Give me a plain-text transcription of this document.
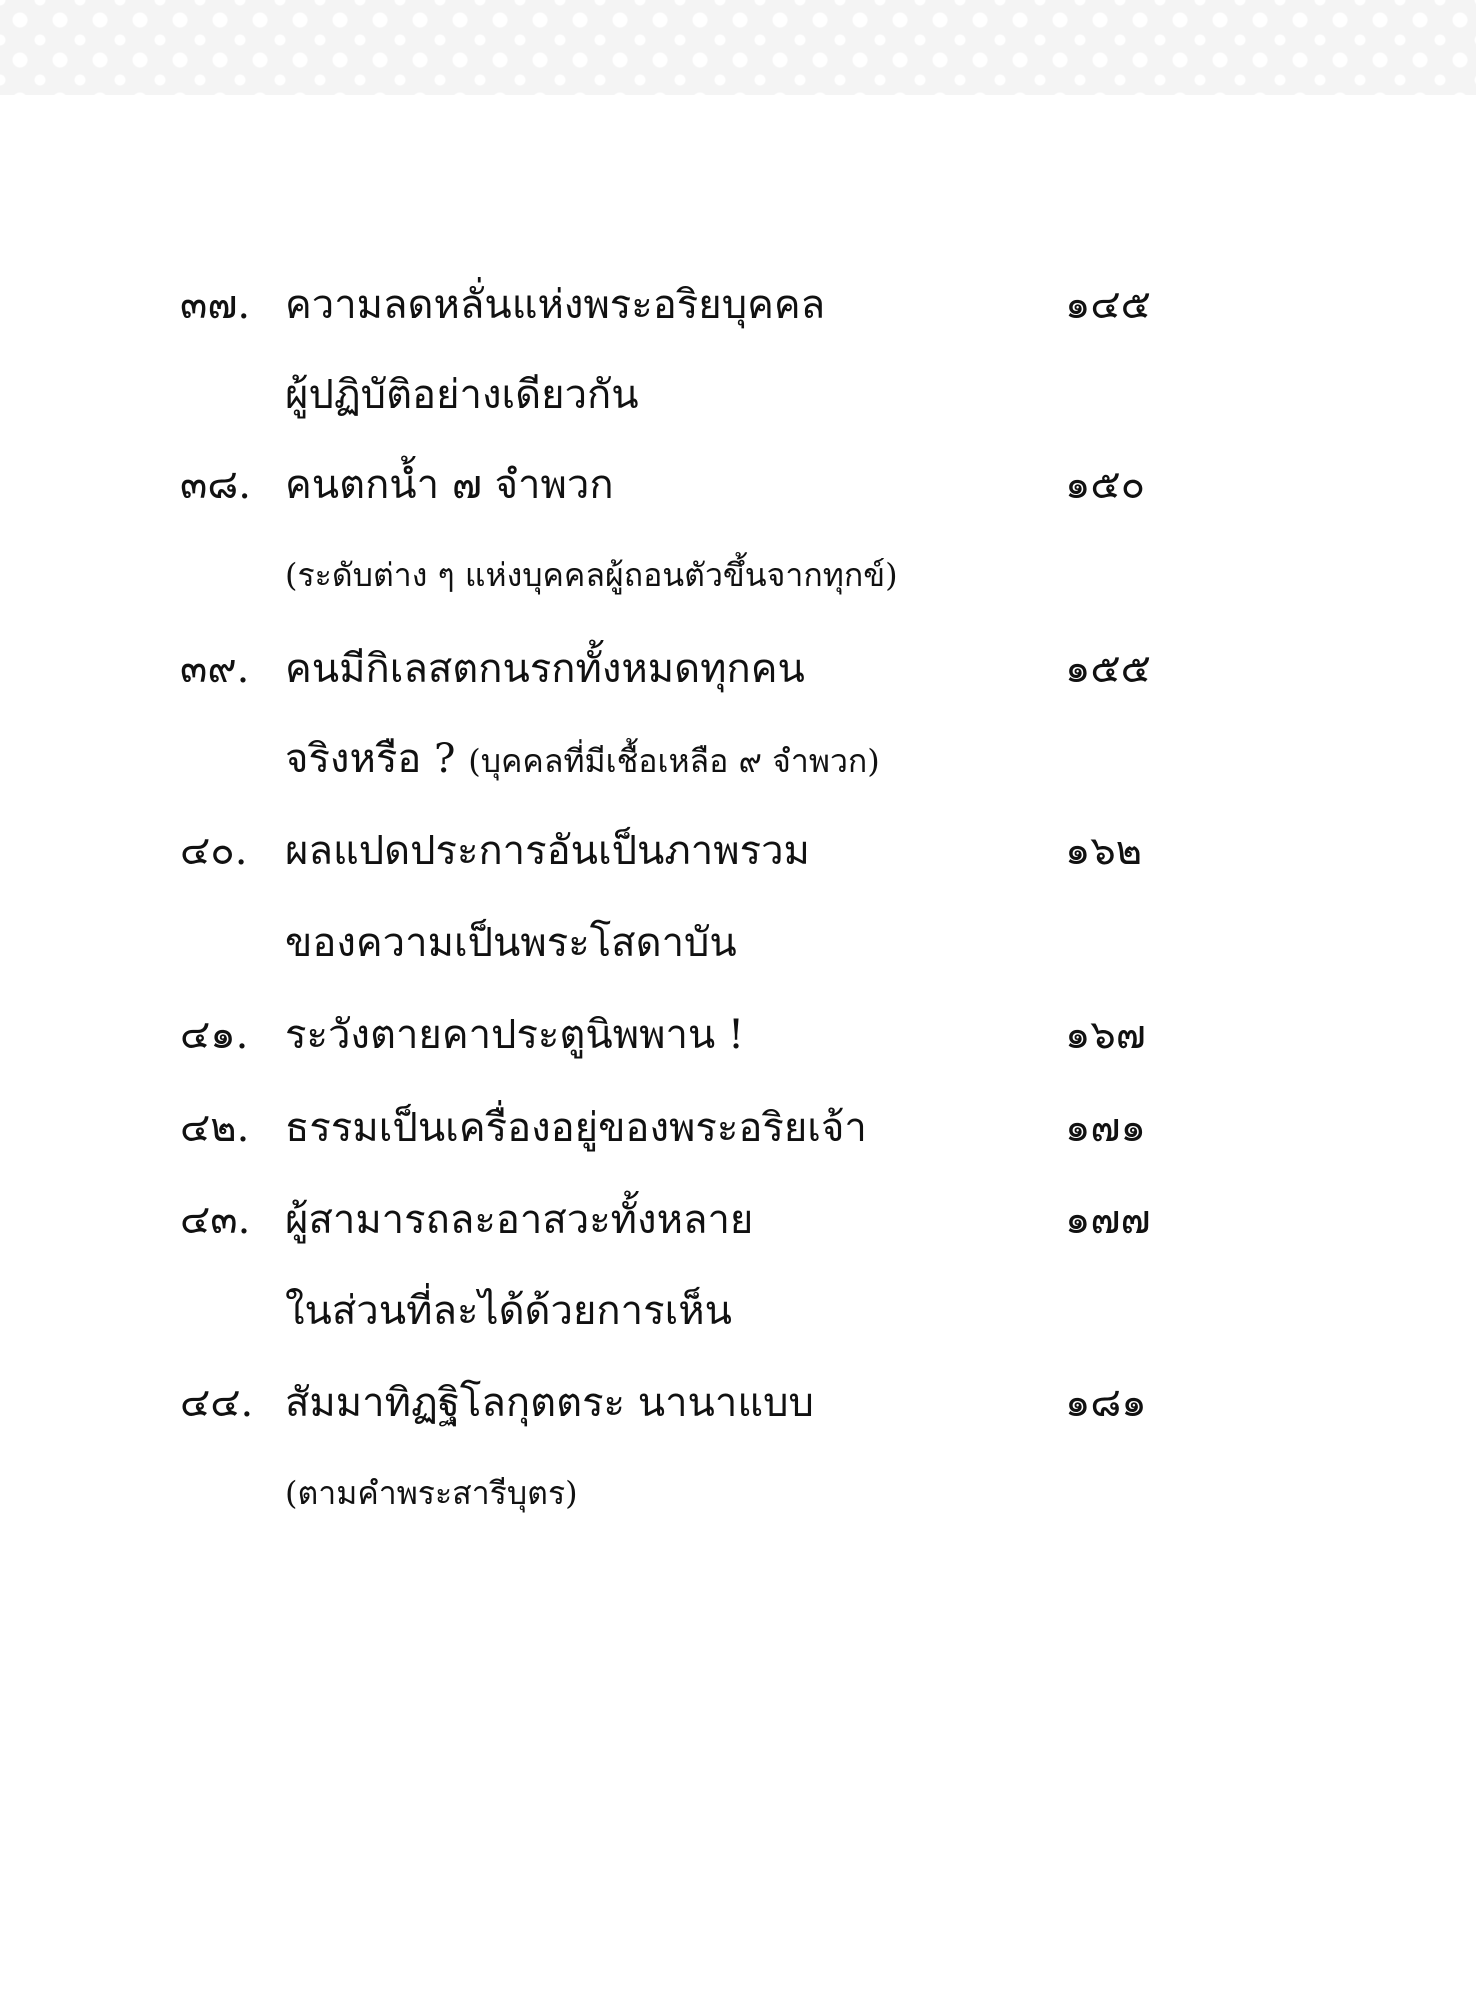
๓๗. ความลดหลั่นแห่งพระอริยบุคคล	๑๔๕
ผู้ปฏิบัติอย่างเดียวกัน
๓๘. คนตกน้ำ ๗ จำพวก	๑๕๐
(ระดับต่าง ๆ แห่งบุคคลผู้ถอนตัวขึ้นจากทุกข์)
๓๙. คนมีกิเลสตกนรกทั้งหมดทุกคน	๑๕๕
จริงหรือ ? (บุคคลที่มีเชื้อเหลือ ๙ จำพวก)
๔๐. ผลแปดประการอันเป็นภาพรวม	๑๖๒
ของความเป็นพระโสดาบัน
๔๑. ระวังตายคาประตูนิพพาน !	๑๖๗
๔๒. ธรรมเป็นเครื่องอยู่ของพระอริยเจ้า	๑๗๑
๔๓. ผู้สามารถละอาสวะทั้งหลาย	๑๗๗
ในส่วนที่ละได้ด้วยการเห็น
๔๔. สัมมาทิฏฐิโลกุตตระ นานาแบบ	๑๘๑
(ตามคำพระสารีบุตร)
